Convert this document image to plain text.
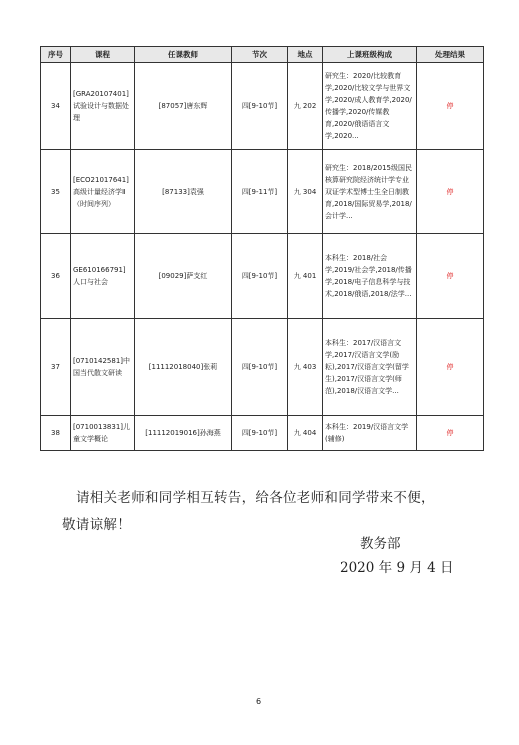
序号	课程	任课教师	节次	地点	上课班级构成	处理结果
34	[GRA20107401]试验设计与数据处理	[87057]唐东辉	四[9-10节]	九 202	研究生：2020/比较教育学,2020/比较文学与世界文学,2020/成人教育学,2020/传播学,2020/传媒教育,2020/俄语语言文学,2020...	停
35	[ECO21017641]高级计量经济学Ⅱ（时间序列）	[87133]袁强	四[9-11节]	九 304	研究生：2018/2015级国民核算研究院经济统计学专业双证学术型博士生全日制教育,2018/国际贸易学,2018/会计学...	停
36	GE610166791]人口与社会	[09029]萨支红	四[9-10节]	九 401	本科生：2018/社会学,2019/社会学,2018/传播学,2018/电子信息科学与技术,2018/俄语,2018/法学...	停
37	[0710142581]中国当代散文研读	[11112018040]张莉	四[9-10节]	九 403	本科生：2017/汉语言文学,2017/汉语言文学(励耘),2017/汉语言文学(留学生),2017/汉语言文学(师范),2018/汉语言文学...	停
38	[0710013831]儿童文学概论	[11112019016]孙海燕	四[9-10节]	九 404	本科生：2019/汉语言文学(辅修)	停
请相关老师和同学相互转告，给各位老师和同学带来不便，
敬请谅解！
教务部
2020 年 9 月 4 日
6
